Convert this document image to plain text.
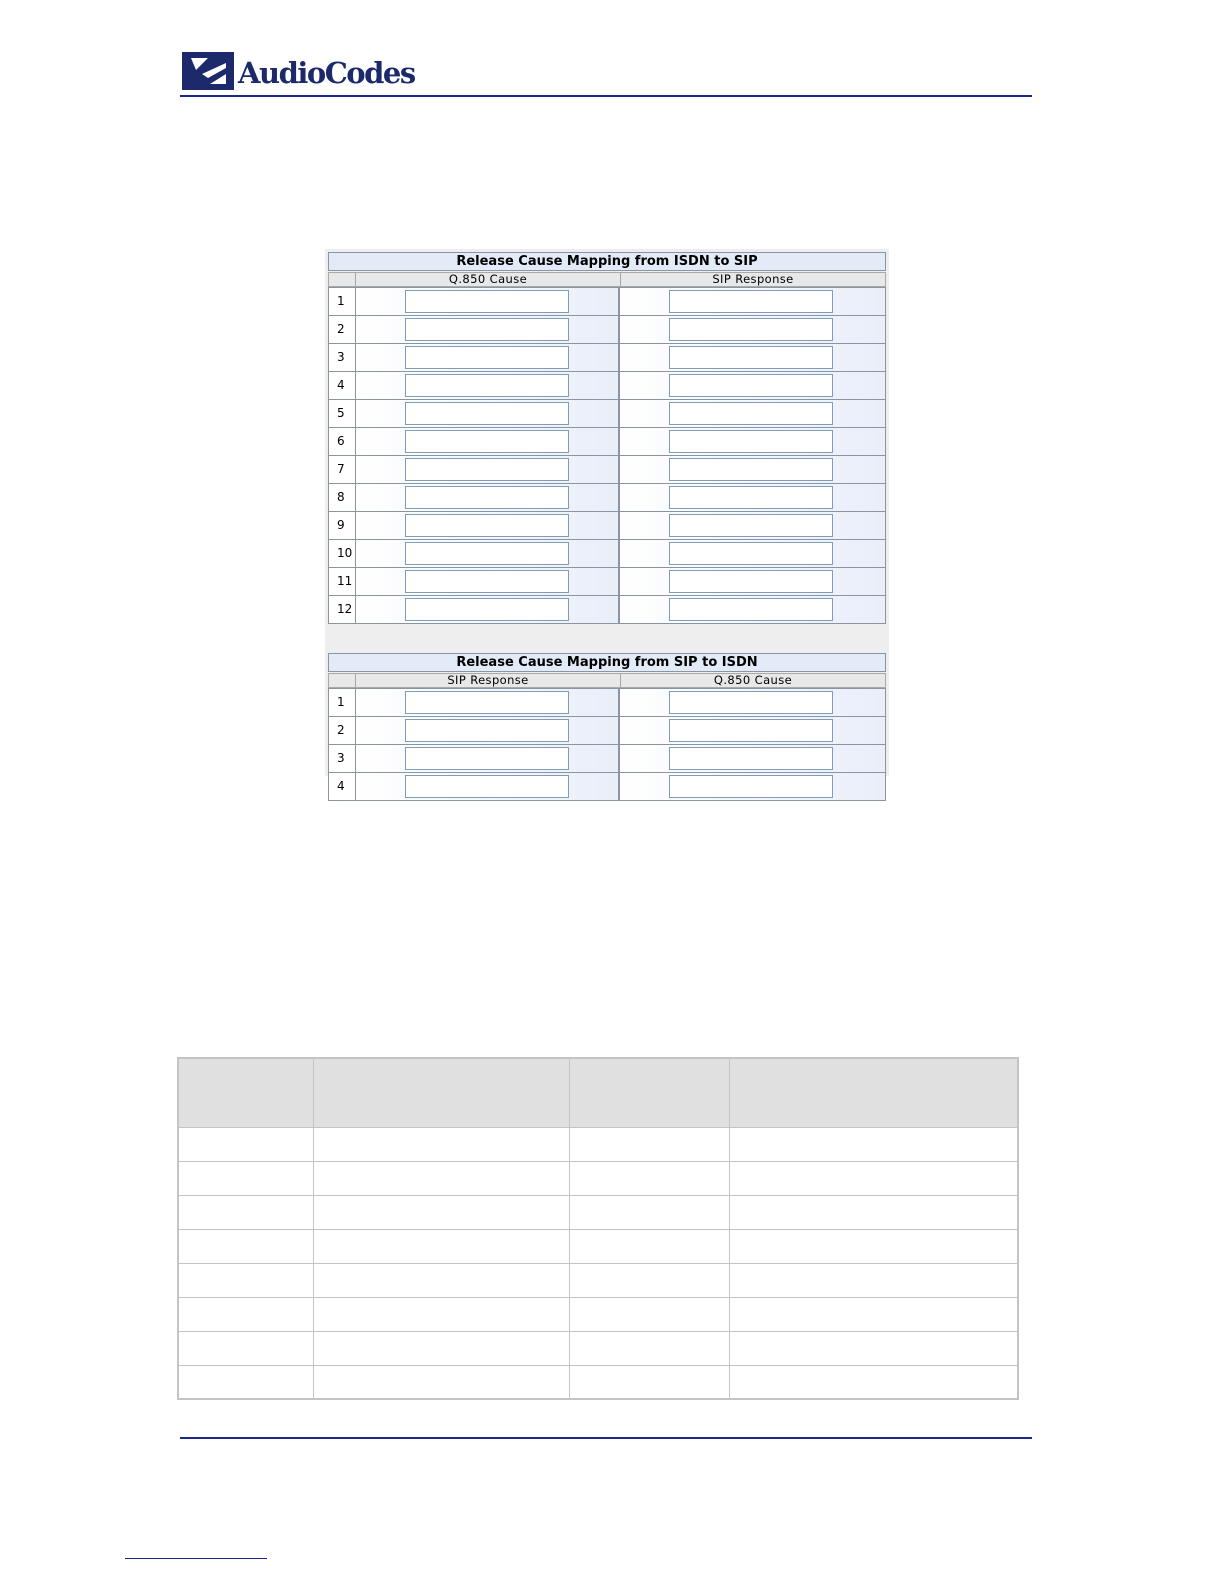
AudioCodes
Release Cause Mapping from ISDN to SIP
Q.850 Cause	SIP Response
1
2
3
4
5
6
7
8
9
10
11
12
Release Cause Mapping from SIP to ISDN
SIP Response	Q.850 Cause
1
2
3
4
